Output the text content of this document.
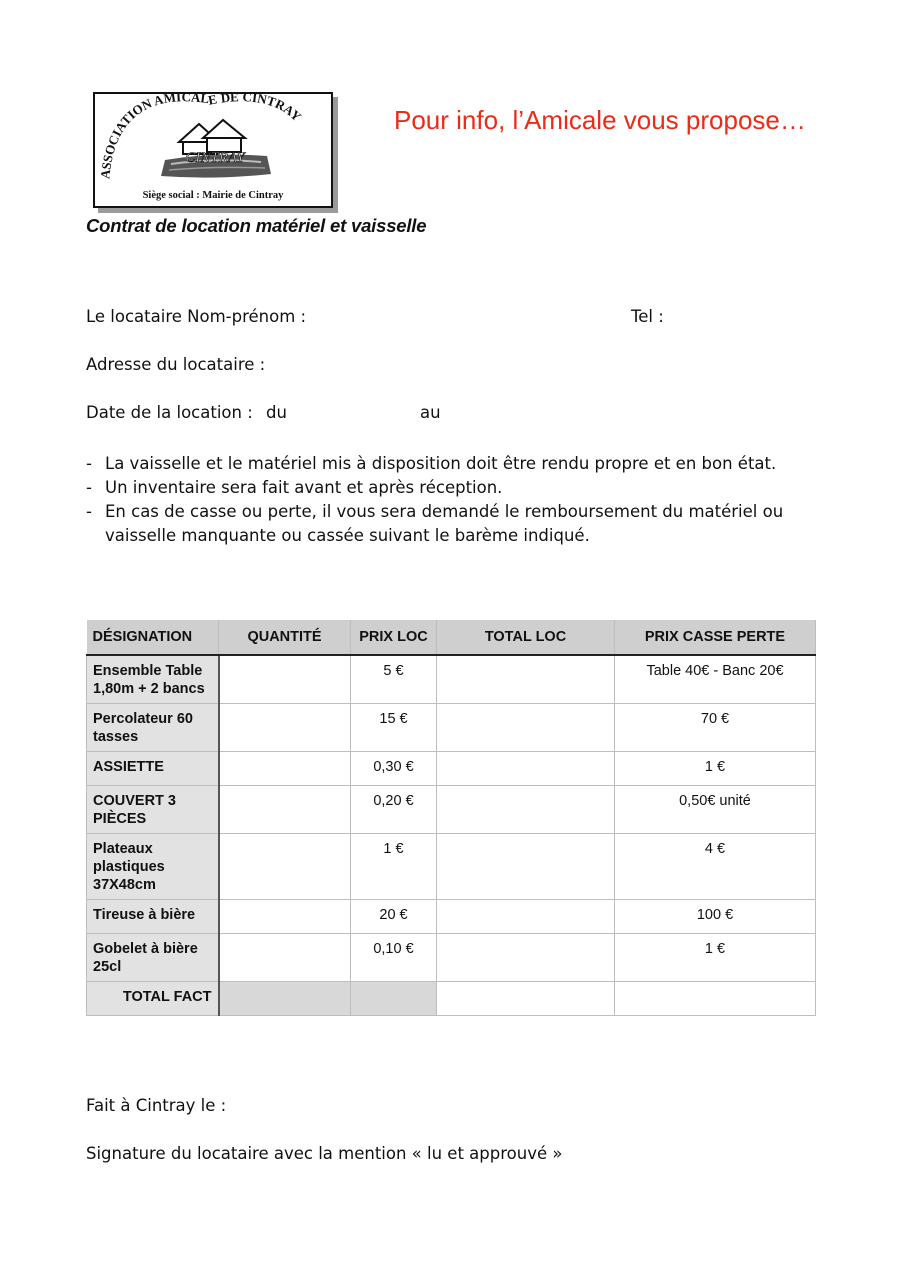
ASSOCIATION AMICALE DE CINTRAY
CINTRAY
Siège social : Mairie de Cintray
Pour info, l’Amicale vous propose…
Contrat de location matériel et vaisselle
Le locataire Nom-prénom :	Tel :
Adresse du locataire :
Date de la location : du	au
- La vaisselle et le matériel mis à disposition doit être rendu propre et en bon état.
- Un inventaire sera fait avant et après réception.
- En cas de casse ou perte, il vous sera demandé le remboursement du matériel ou vaisselle manquante ou cassée suivant le barème indiqué.
DÉSIGNATION	QUANTITÉ	PRIX LOC	TOTAL LOC	PRIX CASSE PERTE
Ensemble Table 1,80m + 2 bancs		5 €		Table 40€ - Banc 20€
Percolateur 60 tasses		15 €		70 €
ASSIETTE		0,30 €		1 €
COUVERT 3 PIÈCES		0,20 €		0,50€ unité
Plateaux plastiques 37X48cm		1 €		4 €
Tireuse à bière		20 €		100 €
Gobelet à bière 25cl		0,10 €		1 €
TOTAL FACT				
Fait à Cintray le :
Signature du locataire avec la mention « lu et approuvé »
